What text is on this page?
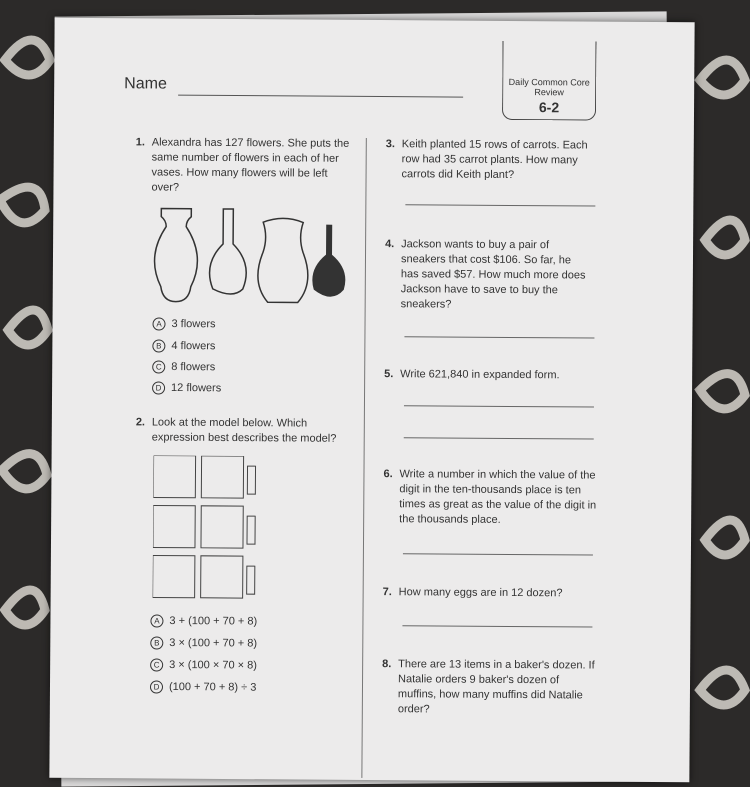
Name	Daily Common Core Review
6-2
1. Alexandra has 127 flowers. She puts the same number of flowers in each of her vases. How many flowers will be left over?
A 3 flowers
B 4 flowers
C 8 flowers
D 12 flowers
2. Look at the model below. Which expression best describes the model?
A 3 + (100 + 70 + 8)
B 3 × (100 + 70 + 8)
C 3 × (100 × 70 × 8)
D (100 + 70 + 8) ÷ 3
3. Keith planted 15 rows of carrots. Each row had 35 carrot plants. How many carrots did Keith plant?
4. Jackson wants to buy a pair of sneakers that cost $106. So far, he has saved $57. How much more does Jackson have to save to buy the sneakers?
5. Write 621,840 in expanded form.
6. Write a number in which the value of the digit in the ten-thousands place is ten times as great as the value of the digit in the thousands place.
7. How many eggs are in 12 dozen?
8. There are 13 items in a baker's dozen. If Natalie orders 9 baker's dozen of muffins, how many muffins did Natalie order?
